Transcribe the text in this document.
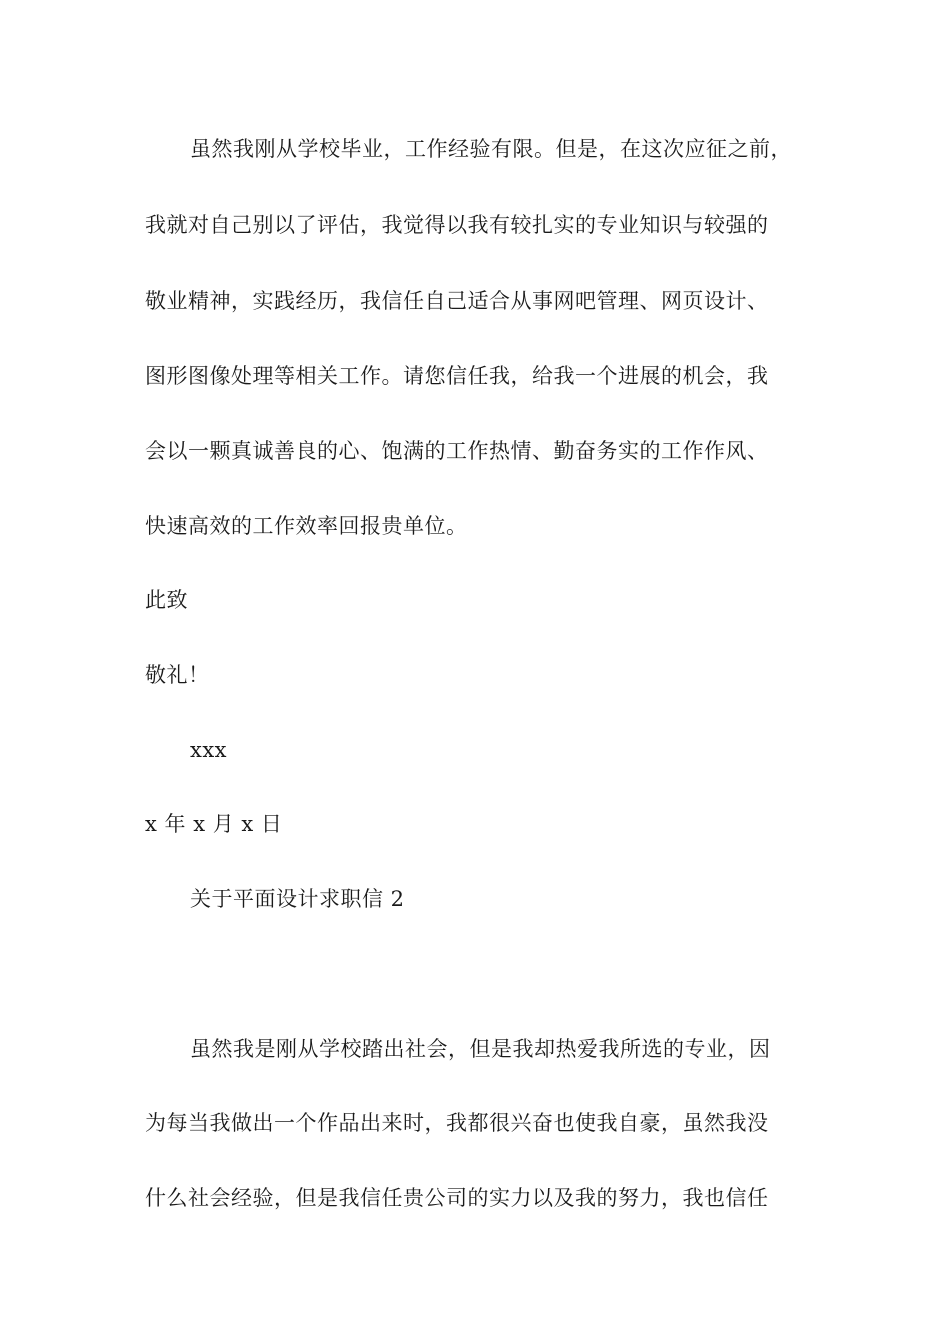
虽然我刚从学校毕业，工作经验有限。但是，在这次应征之前，
我就对自己别以了评估，我觉得以我有较扎实的专业知识与较强的
敬业精神，实践经历，我信任自己适合从事网吧管理、网页设计、
图形图像处理等相关工作。请您信任我，给我一个进展的机会，我
会以一颗真诚善良的心、饱满的工作热情、勤奋务实的工作作风、
快速高效的工作效率回报贵单位。
此致
敬礼！
xxx
x 年 x 月 x 日
关于平面设计求职信 2
虽然我是刚从学校踏出社会，但是我却热爱我所选的专业，因
为每当我做出一个作品出来时，我都很兴奋也使我自豪，虽然我没
什么社会经验，但是我信任贵公司的实力以及我的努力，我也信任
